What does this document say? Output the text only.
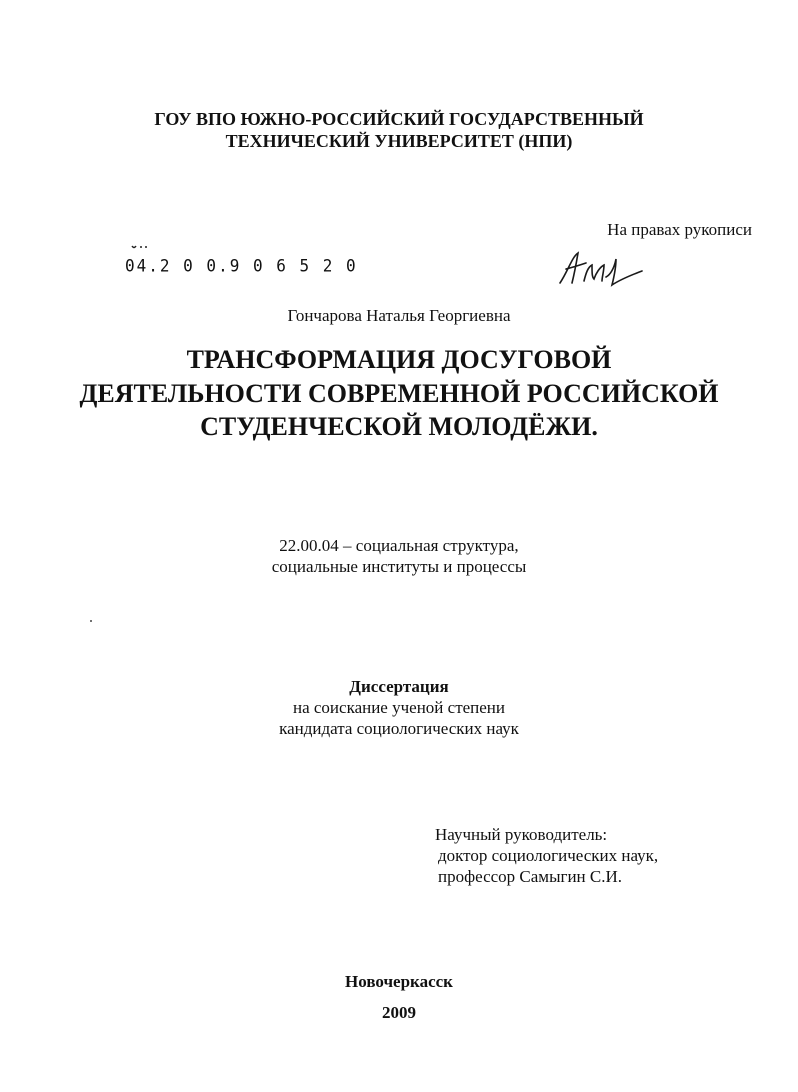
ГОУ ВПО ЮЖНО-РОССИЙСКИЙ ГОСУДАРСТВЕННЫЙ
ТЕХНИЧЕСКИЙ УНИВЕРСИТЕТ (НПИ)
На правах рукописи
04.2 0 0.9 0 6 5 2 0
Гончарова Наталья Георгиевна
ТРАНСФОРМАЦИЯ ДОСУГОВОЙ
ДЕЯТЕЛЬНОСТИ СОВРЕМЕННОЙ РОССИЙСКОЙ
СТУДЕНЧЕСКОЙ МОЛОДЁЖИ.
22.00.04 – социальная структура,
социальные институты и процессы
Диссертация
на соискание ученой степени
кандидата социологических наук
Научный руководитель:
доктор социологических наук,
профессор Самыгин С.И.
Новочеркасск
2009
